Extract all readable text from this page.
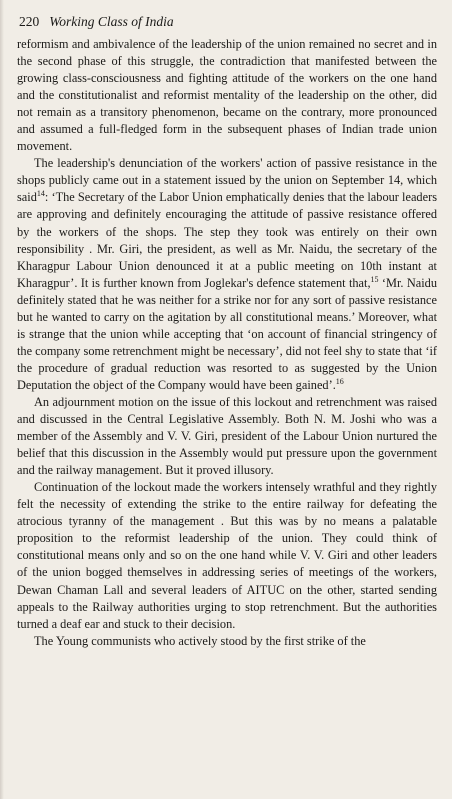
220 Working Class of India

reformism and ambivalence of the leadership of the union remained no secret and in the second phase of this struggle, the contradiction that manifested between the growing class-consciousness and fighting attitude of the workers on the one hand and the constitutionalist and reformist mentality of the leadership on the other, did not remain as a transitory phenomenon, became on the contrary, more pronounced and assumed a full-fledged form in the subsequent phases of Indian trade union movement.

The leadership's denunciation of the workers' action of passive resistance in the shops publicly came out in a statement issued by the union on September 14, which said$^{14}$: ‘The Secretary of the Labor Union emphatically denies that the labour leaders are approving and definitely encouraging the attitude of passive resistance offered by the workers of the shops. The step they took was entirely on their own responsibility . Mr. Giri, the president, as well as Mr. Naidu, the secretary of the Kharagpur Labour Union denounced it at a public meeting on 10th instant at Kharagpur’. It is further known from Joglekar's defence statement that,$^{15}$ ‘Mr. Naidu definitely stated that he was neither for a strike nor for any sort of passive resistance but he wanted to carry on the agitation by all constitutional means.’ Moreover, what is strange that the union while accepting that ‘on account of financial stringency of the company some retrenchment might be necessary’, did not feel shy to state that ‘if the procedure of gradual reduction was resorted to as suggested by the Union Deputation the object of the Company would have been gained’.$^{16}$

An adjournment motion on the issue of this lockout and retrenchment was raised and discussed in the Central Legislative Assembly. Both N. M. Joshi who was a member of the Assembly and V. V. Giri, president of the Labour Union nurtured the belief that this discussion in the Assembly would put pressure upon the government and the railway management. But it proved illusory.

Continuation of the lockout made the workers intensely wrathful and they rightly felt the necessity of extending the strike to the entire railway for defeating the atrocious tyranny of the management . But this was by no means a palatable proposition to the reformist leadership of the union. They could think of constitutional means only and so on the one hand while V. V. Giri and other leaders of the union bogged themselves in addressing series of meetings of the workers, Dewan Chaman Lall and several leaders of AITUC on the other, started sending appeals to the Railway authorities urging to stop retrenchment. But the authorities turned a deaf ear and stuck to their decision.

The Young communists who actively stood by the first strike of the
